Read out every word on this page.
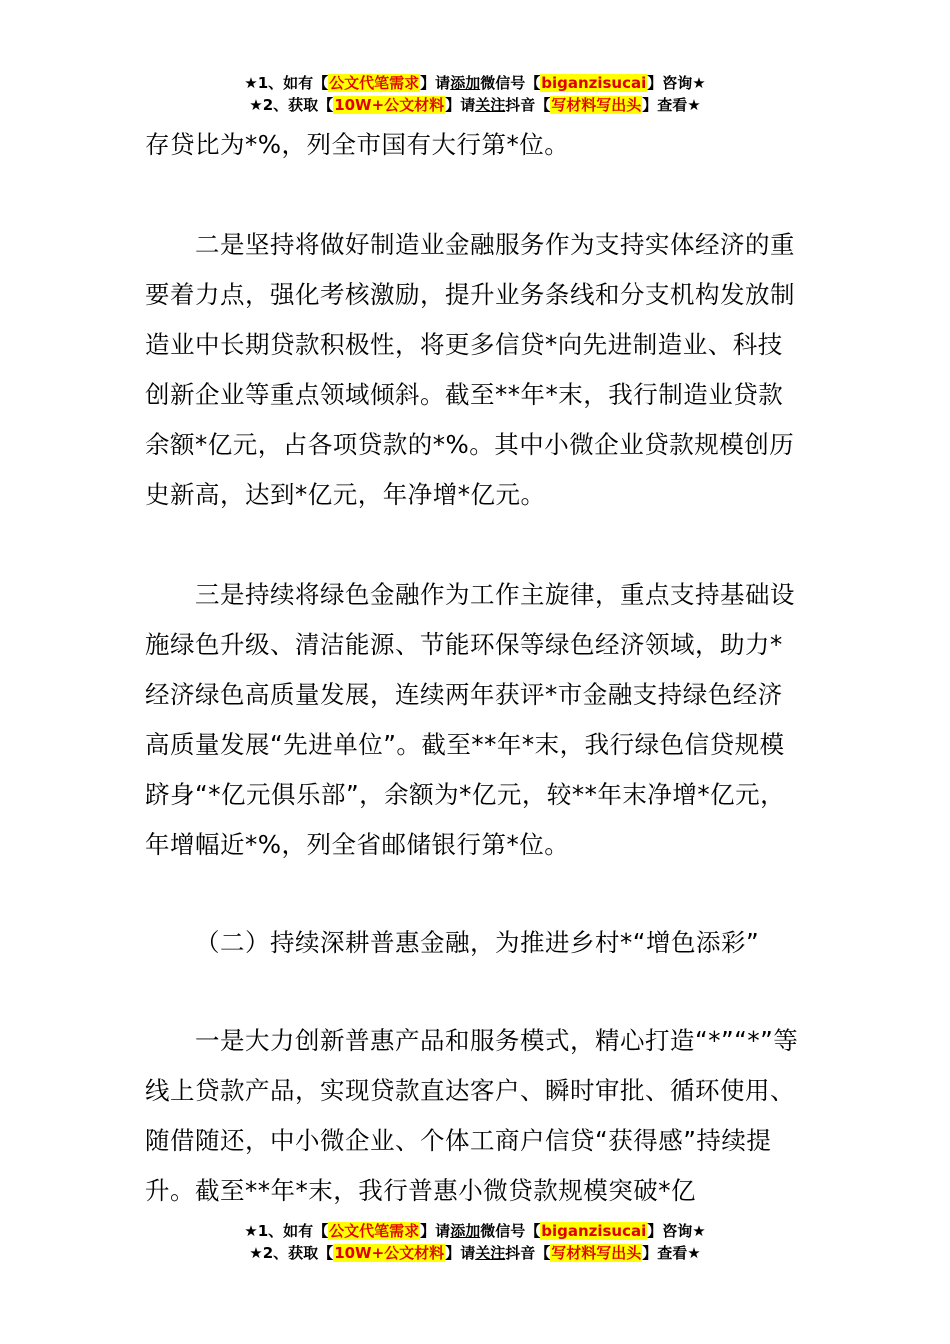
★1、如有【公文代笔需求】请添加微信号【biganzisucai】咨询★
★2、获取【10W+公文材料】请关注抖音【写材料写出头】查看★

存贷比为*%，列全市国有大行第*位。

二是坚持将做好制造业金融服务作为支持实体经济的重要着力点，强化考核激励，提升业务条线和分支机构发放制造业中长期贷款积极性，将更多信贷*向先进制造业、科技创新企业等重点领域倾斜。截至**年*末，我行制造业贷款余额*亿元，占各项贷款的*%。其中小微企业贷款规模创历史新高，达到*亿元，年净增*亿元。

三是持续将绿色金融作为工作主旋律，重点支持基础设施绿色升级、清洁能源、节能环保等绿色经济领域，助力*经济绿色高质量发展，连续两年获评*市金融支持绿色经济高质量发展“先进单位”。截至**年*末，我行绿色信贷规模跻身“*亿元俱乐部”，余额为*亿元，较**年末净增*亿元，年增幅近*%，列全省邮储银行第*位。

（二）持续深耕普惠金融，为推进乡村*“增色添彩”

一是大力创新普惠产品和服务模式，精心打造“*”“*”等线上贷款产品，实现贷款直达客户、瞬时审批、循环使用、随借随还，中小微企业、个体工商户信贷“获得感”持续提升。截至**年*末，我行普惠小微贷款规模突破*亿

★1、如有【公文代笔需求】请添加微信号【biganzisucai】咨询★
★2、获取【10W+公文材料】请关注抖音【写材料写出头】查看★
